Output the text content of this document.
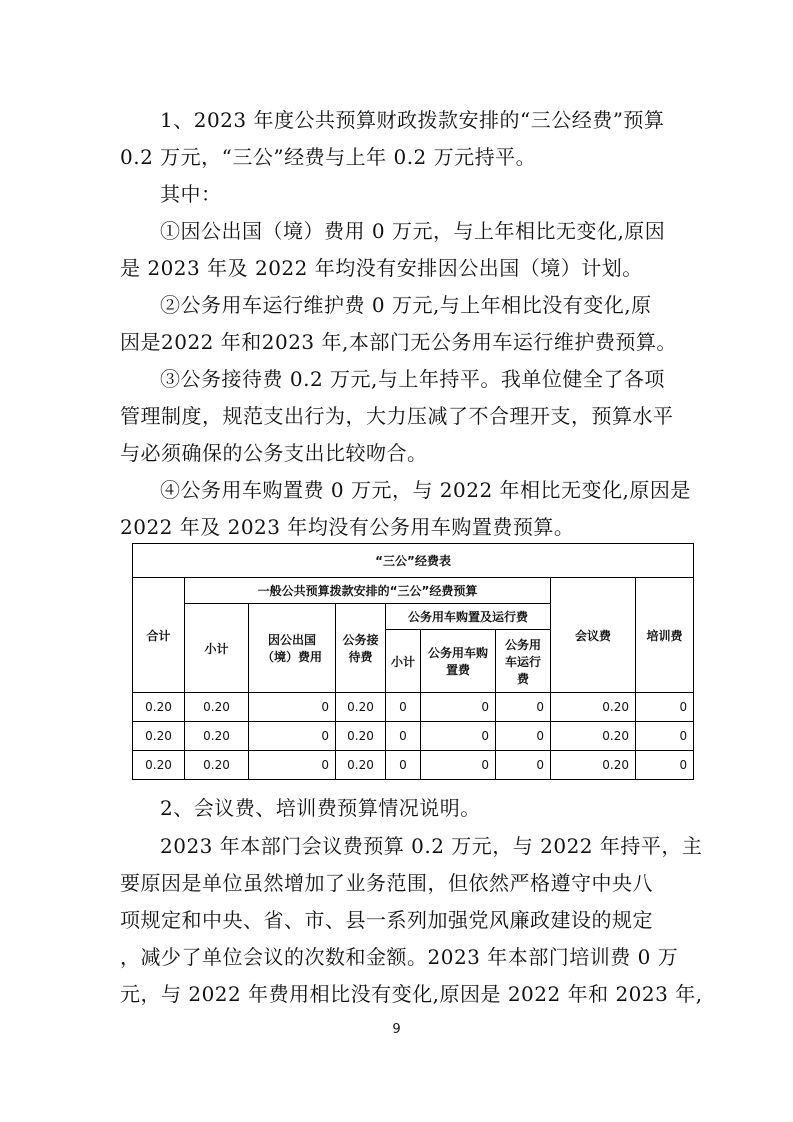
1、2023 年度公共预算财政拨款安排的“三公经费”预算
0.2 万元，“三公”经费与上年 0.2 万元持平。

其中：

①因公出国（境）费用 0 万元，与上年相比无变化,原因
是 2023 年及 2022 年均没有安排因公出国（境）计划。

②公务用车运行维护费 0 万元,与上年相比没有变化,原
因是2022 年和2023 年,本部门无公务用车运行维护费预算。

③公务接待费 0.2 万元,与上年持平。我单位健全了各项
管理制度，规范支出行为，大力压减了不合理开支，预算水平
与必须确保的公务支出比较吻合。

④公务用车购置费 0 万元，与 2022 年相比无变化,原因是
2022 年及 2023 年均没有公务用车购置费预算。

“三公”经费表								
合计	一般公共预算拨款安排的“三公”经费预算						会议费	培训费
	小计	因公出国（境）费用	公务接待费	公务用车购置及运行费				
				小计	公务用车购置费	公务用车运行费		
0.20	0.20	0	0.20	0	0	0	0.20	0
0.20	0.20	0	0.20	0	0	0	0.20	0
0.20	0.20	0	0.20	0	0	0	0.20	0

2、会议费、培训费预算情况说明。

2023 年本部门会议费预算 0.2 万元，与 2022 年持平，主
要原因是单位虽然增加了业务范围，但依然严格遵守中央八
项规定和中央、省、市、县一系列加强党风廉政建设的规定
，减少了单位会议的次数和金额。2023 年本部门培训费 0 万
元，与 2022 年费用相比没有变化,原因是 2022 年和 2023 年,

9
